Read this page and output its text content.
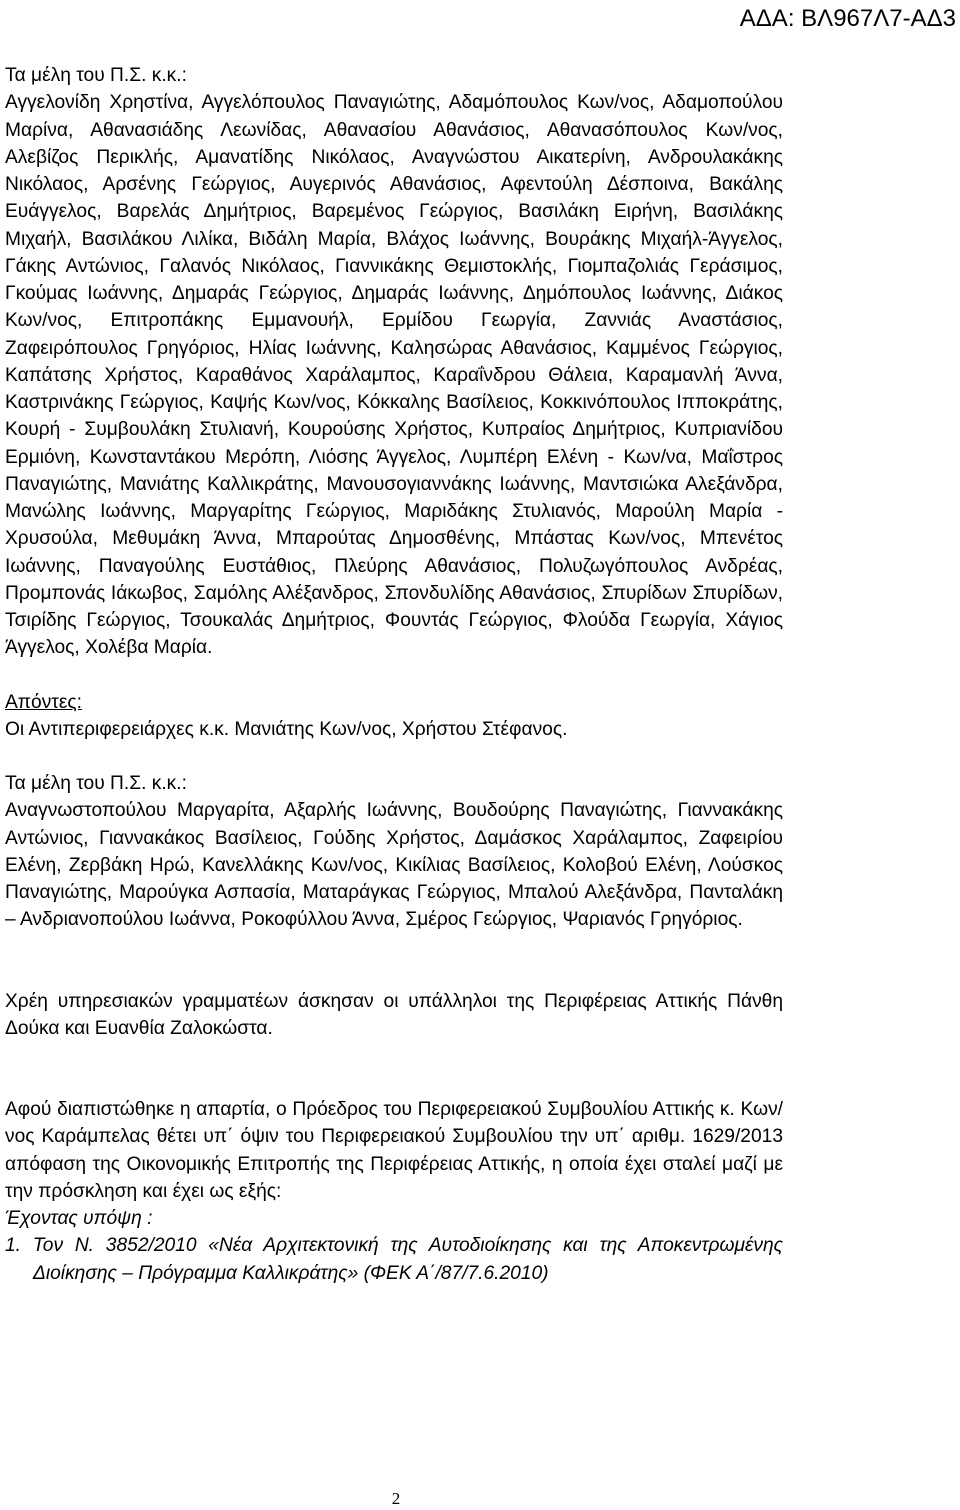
ΑΔΑ: ΒΛ967Λ7-ΑΔ3

Τα μέλη του Π.Σ. κ.κ.:

Αγγελονίδη Χρηστίνα, Αγγελόπουλος Παναγιώτης, Αδαμόπουλος Κων/νος, Αδαμοπούλου Μαρίνα, Αθανασιάδης Λεωνίδας, Αθανασίου Αθανάσιος, Αθανασόπουλος Κων/νος, Αλεβίζος Περικλής, Αμανατίδης Νικόλαος, Αναγνώστου Αικατερίνη, Ανδρουλακάκης Νικόλαος, Αρσένης Γεώργιος, Αυγερινός Αθανάσιος, Αφεντούλη Δέσποινα, Βακάλης Ευάγγελος, Βαρελάς Δημήτριος, Βαρεμένος Γεώργιος, Βασιλάκη Ειρήνη, Βασιλάκης Μιχαήλ, Βασιλάκου Λιλίκα, Βιδάλη Μαρία, Βλάχος Ιωάννης, Βουράκης Μιχαήλ-Άγγελος, Γάκης Αντώνιος, Γαλανός Νικόλαος, Γιαννικάκης Θεμιστοκλής, Γιομπαζολιάς Γεράσιμος, Γκούμας Ιωάννης, Δημαράς Γεώργιος, Δημαράς Ιωάννης, Δημόπουλος Ιωάννης, Διάκος Κων/νος, Επιτροπάκης Εμμανουήλ, Ερμίδου Γεωργία, Ζαννιάς Αναστάσιος, Ζαφειρόπουλος Γρηγόριος, Ηλίας Ιωάννης, Καλησώρας Αθανάσιος, Καμμένος Γεώργιος, Καπάτσης Χρήστος, Καραθάνος Χαράλαμπος, Καραΐνδρου Θάλεια, Καραμανλή Άννα, Καστρινάκης Γεώργιος, Καψής Κων/νος, Κόκκαλης Βασίλειος, Κοκκινόπουλος Ιπποκράτης, Κουρή - Συμβουλάκη Στυλιανή, Κουρούσης Χρήστος, Κυπραίος Δημήτριος, Κυπριανίδου Ερμιόνη, Κωνσταντάκου Μερόπη, Λιόσης Άγγελος, Λυμπέρη Ελένη - Κων/να, Μαΐστρος Παναγιώτης, Μανιάτης Καλλικράτης, Μανουσογιαννάκης Ιωάννης, Μαντσιώκα Αλεξάνδρα, Μανώλης Ιωάννης, Μαργαρίτης Γεώργιος, Μαριδάκης Στυλιανός, Μαρούλη Μαρία - Χρυσούλα, Μεθυμάκη Άννα, Μπαρούτας Δημοσθένης, Μπάστας Κων/νος, Μπενέτος Ιωάννης, Παναγούλης Ευστάθιος, Πλεύρης Αθανάσιος, Πολυζωγόπουλος Ανδρέας, Προμπονάς Ιάκωβος, Σαμόλης Αλέξανδρος, Σπονδυλίδης Αθανάσιος, Σπυρίδων Σπυρίδων, Τσιρίδης Γεώργιος, Τσουκαλάς Δημήτριος, Φουντάς Γεώργιος, Φλούδα Γεωργία, Χάγιος Άγγελος, Χολέβα Μαρία.

Απόντες:

Οι Αντιπεριφερειάρχες κ.κ. Μανιάτης Κων/νος, Χρήστου Στέφανος.

Τα μέλη του Π.Σ. κ.κ.:

Αναγνωστοπούλου Μαργαρίτα, Αξαρλής Ιωάννης, Βουδούρης Παναγιώτης, Γιαννακάκης Αντώνιος, Γιαννακάκος Βασίλειος, Γούδης Χρήστος, Δαμάσκος Χαράλαμπος, Ζαφειρίου Ελένη, Ζερβάκη Ηρώ, Κανελλάκης Κων/νος, Κικίλιας Βασίλειος, Κολοβού Ελένη, Λούσκος Παναγιώτης, Μαρούγκα Ασπασία, Ματαράγκας Γεώργιος, Μπαλού Αλεξάνδρα, Πανταλάκη – Ανδριανοπούλου Ιωάννα, Ροκοφύλλου Άννα, Σμέρος Γεώργιος, Ψαριανός Γρηγόριος.

Χρέη υπηρεσιακών γραμματέων άσκησαν οι υπάλληλοι της Περιφέρειας Αττικής Πάνθη Δούκα και Ευανθία Ζαλοκώστα.

Αφού διαπιστώθηκε η απαρτία, ο Πρόεδρος του Περιφερειακού Συμβουλίου Αττικής κ. Κων/νος Καράμπελας θέτει υπ΄ όψιν του Περιφερειακού Συμβουλίου την υπ΄ αριθμ. 1629/2013 απόφαση της Οικονομικής Επιτροπής της Περιφέρειας Αττικής, η οποία έχει σταλεί μαζί με την πρόσκληση και έχει ως εξής:

Έχοντας υπόψη :

1. Τον Ν. 3852/2010 «Νέα Αρχιτεκτονική της Αυτοδιοίκησης και της Αποκεντρωμένης Διοίκησης – Πρόγραμμα Καλλικράτης» (ΦΕΚ Α΄/87/7.6.2010)

2
